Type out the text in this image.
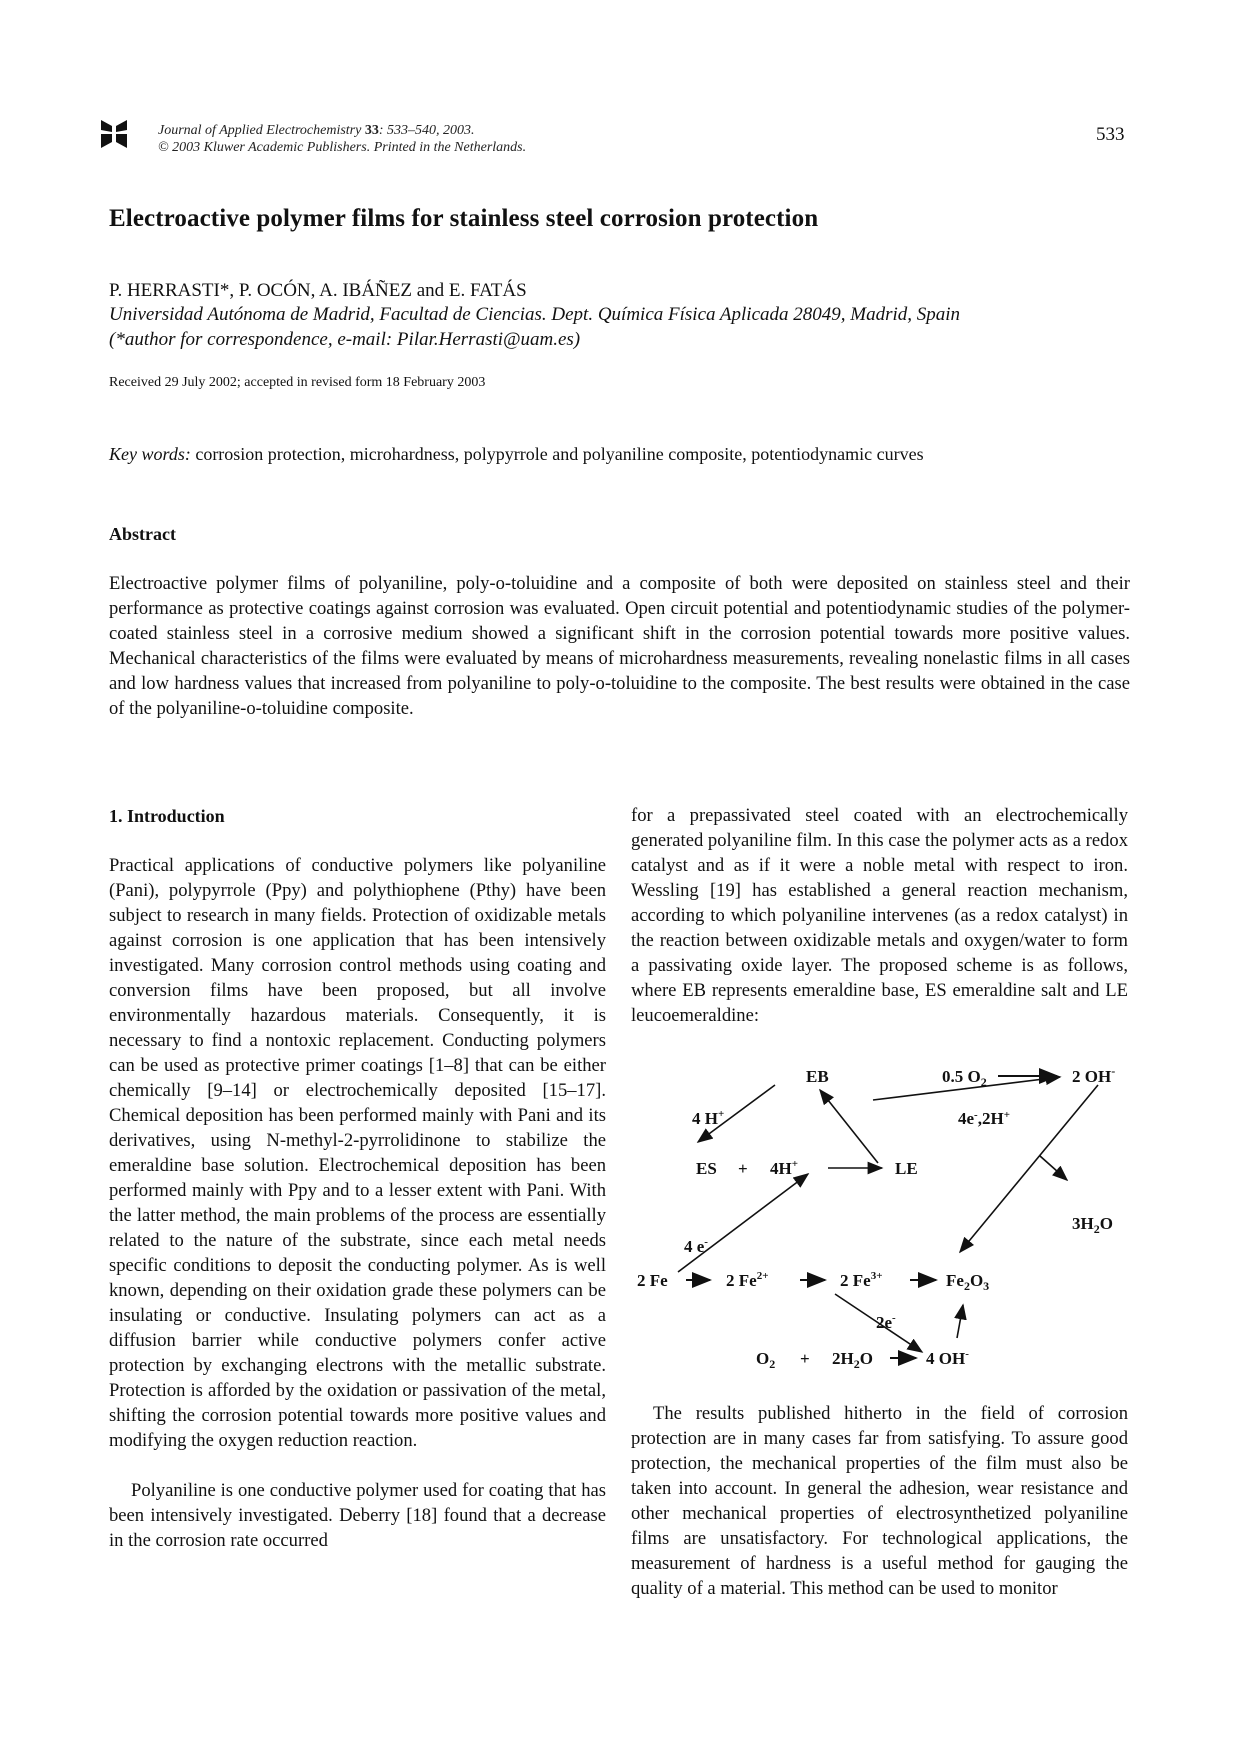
Journal of Applied Electrochemistry 33: 533–540, 2003.
© 2003 Kluwer Academic Publishers. Printed in the Netherlands.
533
Electroactive polymer films for stainless steel corrosion protection
P. HERRASTI*, P. OCÓN, A. IBÁÑEZ and E. FATÁS
Universidad Autónoma de Madrid, Facultad de Ciencias. Dept. Química Física Aplicada 28049, Madrid, Spain
(*author for correspondence, e-mail: Pilar.Herrasti@uam.es)
Received 29 July 2002; accepted in revised form 18 February 2003
Key words: corrosion protection, microhardness, polypyrrole and polyaniline composite, potentiodynamic curves
Abstract

Electroactive polymer films of polyaniline, poly-o-toluidine and a composite of both were deposited on stainless steel and their performance as protective coatings against corrosion was evaluated. Open circuit potential and potentiodynamic studies of the polymer-coated stainless steel in a corrosive medium showed a significant shift in the corrosion potential towards more positive values. Mechanical characteristics of the films were evaluated by means of microhardness measurements, revealing nonelastic films in all cases and low hardness values that increased from polyaniline to poly-o-toluidine to the composite. The best results were obtained in the case of the polyaniline-o-toluidine composite.

1. Introduction

Practical applications of conductive polymers like polyaniline (Pani), polypyrrole (Ppy) and polythiophene (Pthy) have been subject to research in many fields. Protection of oxidizable metals against corrosion is one application that has been intensively investigated. Many corrosion control methods using coating and conversion films have been proposed, but all involve environmentally hazardous materials. Consequently, it is necessary to find a nontoxic replacement. Conducting polymers can be used as protective primer coatings [1–8] that can be either chemically [9–14] or electrochemically deposited [15–17]. Chemical deposition has been performed mainly with Pani and its derivatives, using N-methyl-2-pyrrolidinone to stabilize the emeraldine base solution. Electrochemical deposition has been performed mainly with Ppy and to a lesser extent with Pani. With the latter method, the main problems of the process are essentially related to the nature of the substrate, since each metal needs specific conditions to deposit the conducting polymer. As is well known, depending on their oxidation grade these polymers can be insulating or conductive. Insulating polymers can act as a diffusion barrier while conductive polymers confer active protection by exchanging electrons with the metallic substrate. Protection is afforded by the oxidation or passivation of the metal, shifting the corrosion potential towards more positive values and modifying the oxygen reduction reaction.

Polyaniline is one conductive polymer used for coating that has been intensively investigated. Deberry [18] found that a decrease in the corrosion rate occurred

for a prepassivated steel coated with an electrochemically generated polyaniline film. In this case the polymer acts as a redox catalyst and as if it were a noble metal with respect to iron. Wessling [19] has established a general reaction mechanism, according to which polyaniline intervenes (as a redox catalyst) in the reaction between oxidizable metals and oxygen/water to form a passivating oxide layer. The proposed scheme is as follows, where EB represents emeraldine base, ES emeraldine salt and LE leucoemeraldine:

EB	0.5 $O_2$	2 OH-
4 H+	4e-,2H+
ES + 4H+	LE
$3H_2O$
4 e-
2 Fe	2 $Fe^{2+}$	2 $Fe^{3+}$	$Fe_2O_3$
2e-
$O_2 + 2H_2O$	4 OH-

The results published hitherto in the field of corrosion protection are in many cases far from satisfying. To assure good protection, the mechanical properties of the film must also be taken into account. In general the adhesion, wear resistance and other mechanical properties of electrosynthetized polyaniline films are unsatisfactory. For technological applications, the measurement of hardness is a useful method for gauging the quality of a material. This method can be used to monitor
